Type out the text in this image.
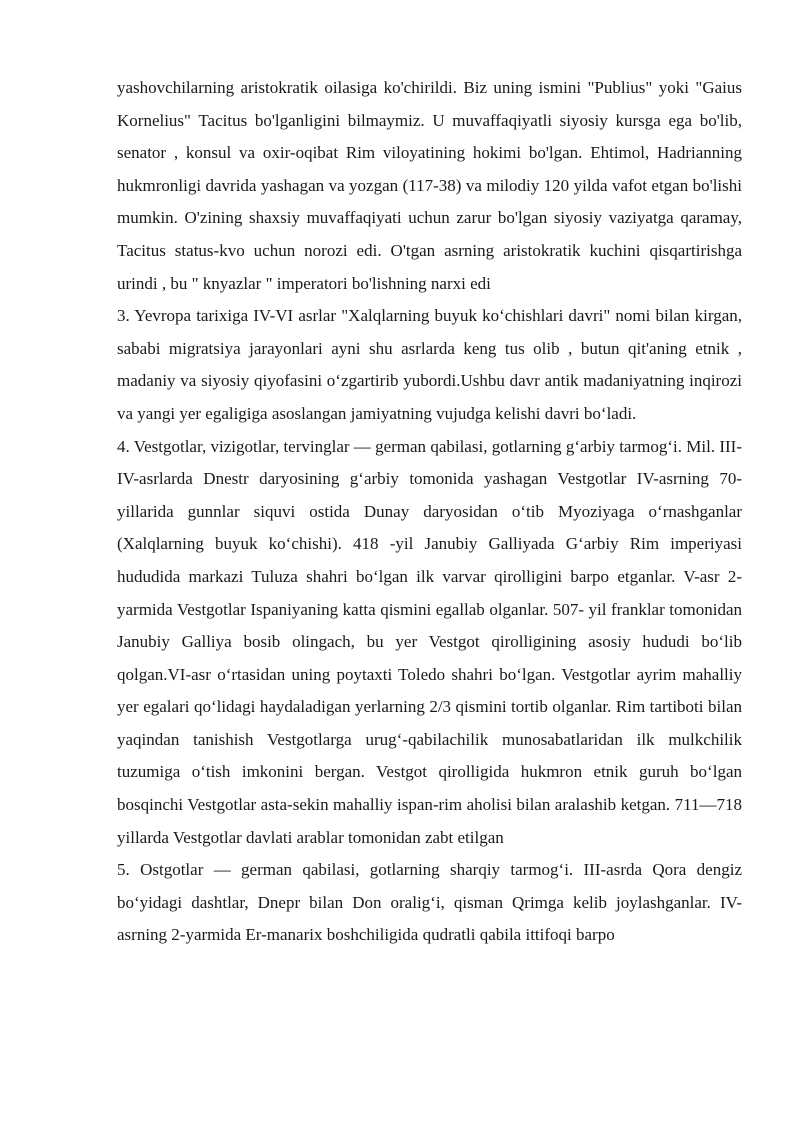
yashovchilarning aristokratik oilasiga ko'chirildi. Biz uning ismini "Publius" yoki "Gaius Kornelius" Tacitus bo'lganligini bilmaymiz. U muvaffaqiyatli siyosiy kursga ega bo'lib, senator , konsul va oxir-oqibat Rim viloyatining hokimi bo'lgan. Ehtimol, Hadrianning hukmronligi davrida yashagan va yozgan (117-38) va milodiy 120 yilda vafot etgan bo'lishi mumkin. O'zining shaxsiy muvaffaqiyati uchun zarur bo'lgan siyosiy vaziyatga qaramay, Tacitus status-kvo uchun norozi edi. O'tgan asrning aristokratik kuchini qisqartirishga urindi , bu " knyazlar " imperatori bo'lishning narxi edi

3. Yevropa tarixiga IV-VI asrlar "Xalqlarning buyuk ko‘chishlari davri" nomi bilan kirgan, sababi migratsiya jarayonlari ayni shu asrlarda keng tus olib , butun qit'aning etnik , madaniy va siyosiy qiyofasini o‘zgartirib yubordi.Ushbu davr antik madaniyatning inqirozi va yangi yer egaligiga asoslangan jamiyatning vujudga kelishi davri bo‘ladi.

4. Vestgotlar, vizigotlar, tervinglar — german qabilasi, gotlarning g‘arbiy tarmog‘i. Mil. III-IV-asrlarda Dnestr daryosining g‘arbiy tomonida yashagan Vestgotlar IV-asrning 70-yillarida gunnlar siquvi ostida Dunay daryosidan o‘tib Myoziyaga o‘rnashganlar (Xalqlarning buyuk ko‘chishi). 418 -yil Janubiy Galliyada G‘arbiy Rim imperiyasi hududida markazi Tuluza shahri bo‘lgan ilk varvar qirolligini barpo etganlar. V-asr 2-yarmida Vestgotlar Ispaniyaning katta qismini egallab olganlar. 507- yil franklar tomonidan Janubiy Galliya bosib olingach, bu yer Vestgot qirolligining asosiy hududi bo‘lib qolgan.VI-asr o‘rtasidan uning poytaxti Toledo shahri bo‘lgan. Vestgotlar ayrim mahalliy yer egalari qo‘lidagi haydaladigan yerlarning 2/3 qismini tortib olganlar. Rim tartiboti bilan yaqindan tanishish Vestgotlarga urug‘-qabilachilik munosabatlaridan ilk mulkchilik tuzumiga o‘tish imkonini bergan. Vestgot qirolligida hukmron etnik guruh bo‘lgan bosqinchi Vestgotlar asta-sekin mahalliy ispan-rim aholisi bilan aralashib ketgan. 711—718 yillarda Vestgotlar davlati arablar tomonidan zabt etilgan

5. Ostgotlar — german qabilasi, gotlarning sharqiy tarmog‘i. III-asrda Qora dengiz bo‘yidagi dashtlar, Dnepr bilan Don oralig‘i, qisman Qrimga kelib joylashganlar. IV-asrning 2-yarmida Er-manarix boshchiligida qudratli qabila ittifoqi barpo
